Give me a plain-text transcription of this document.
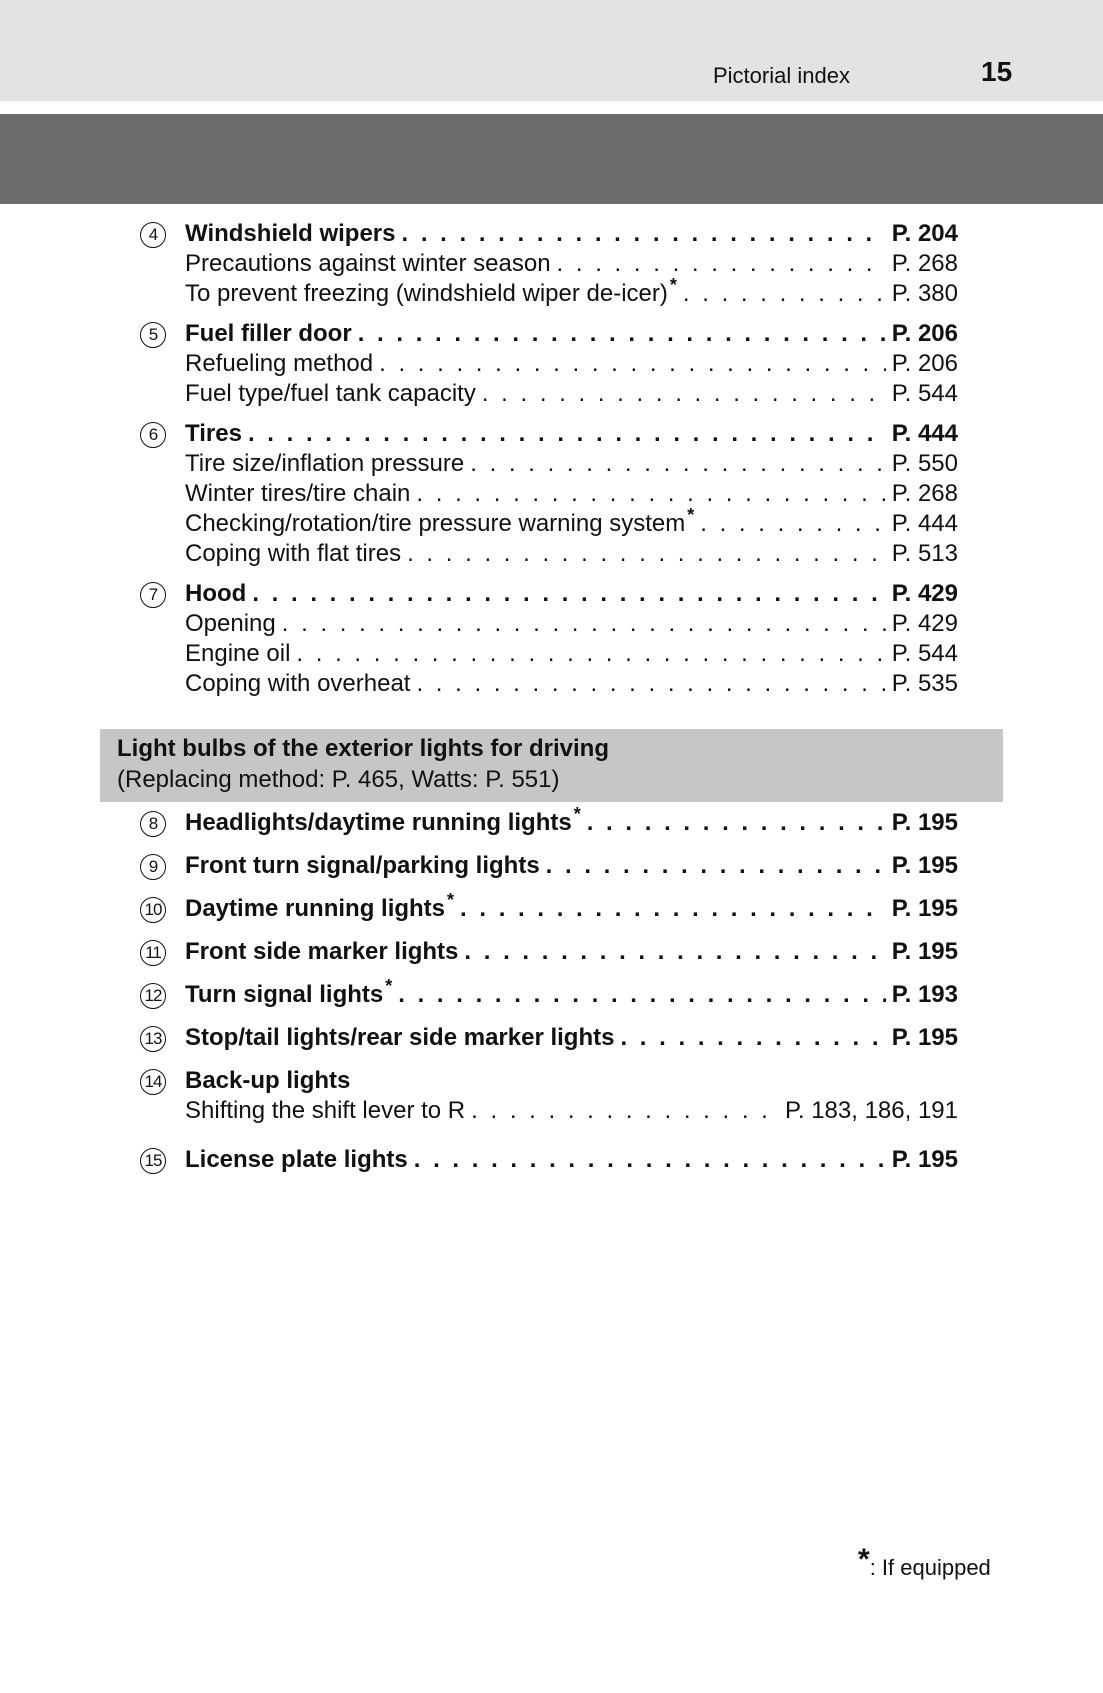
Pictorial index	15
4	Windshield wipers . . .	P. 204
Precautions against winter season . . .	P. 268
To prevent freezing (windshield wiper de-icer) * . . .	P. 380
5	Fuel filler door . . .	P. 206
Refueling method . . .	P. 206
Fuel type/fuel tank capacity . . .	P. 544
6	Tires . . .	P. 444
Tire size/inflation pressure . . .	P. 550
Winter tires/tire chain . . .	P. 268
Checking/rotation/tire pressure warning system * . . .	P. 444
Coping with flat tires . . .	P. 513
7	Hood . . .	P. 429
Opening . . .	P. 429
Engine oil . . .	P. 544
Coping with overheat . . .	P. 535
Light bulbs of the exterior lights for driving
(Replacing method: P. 465, Watts: P. 551)
8	Headlights/daytime running lights * . . .	P. 195
9	Front turn signal/parking lights . . .	P. 195
10 Daytime running lights * . . .	P. 195
11	Front side marker lights . . .	P. 195
12 Turn signal lights * . . .	P. 193
13 Stop/tail lights/rear side marker lights . . .	P. 195
14 Back-up lights
Shifting the shift lever to R . . .	P. 183, 186, 191
15 License plate lights . . .	P. 195
*: If equipped
